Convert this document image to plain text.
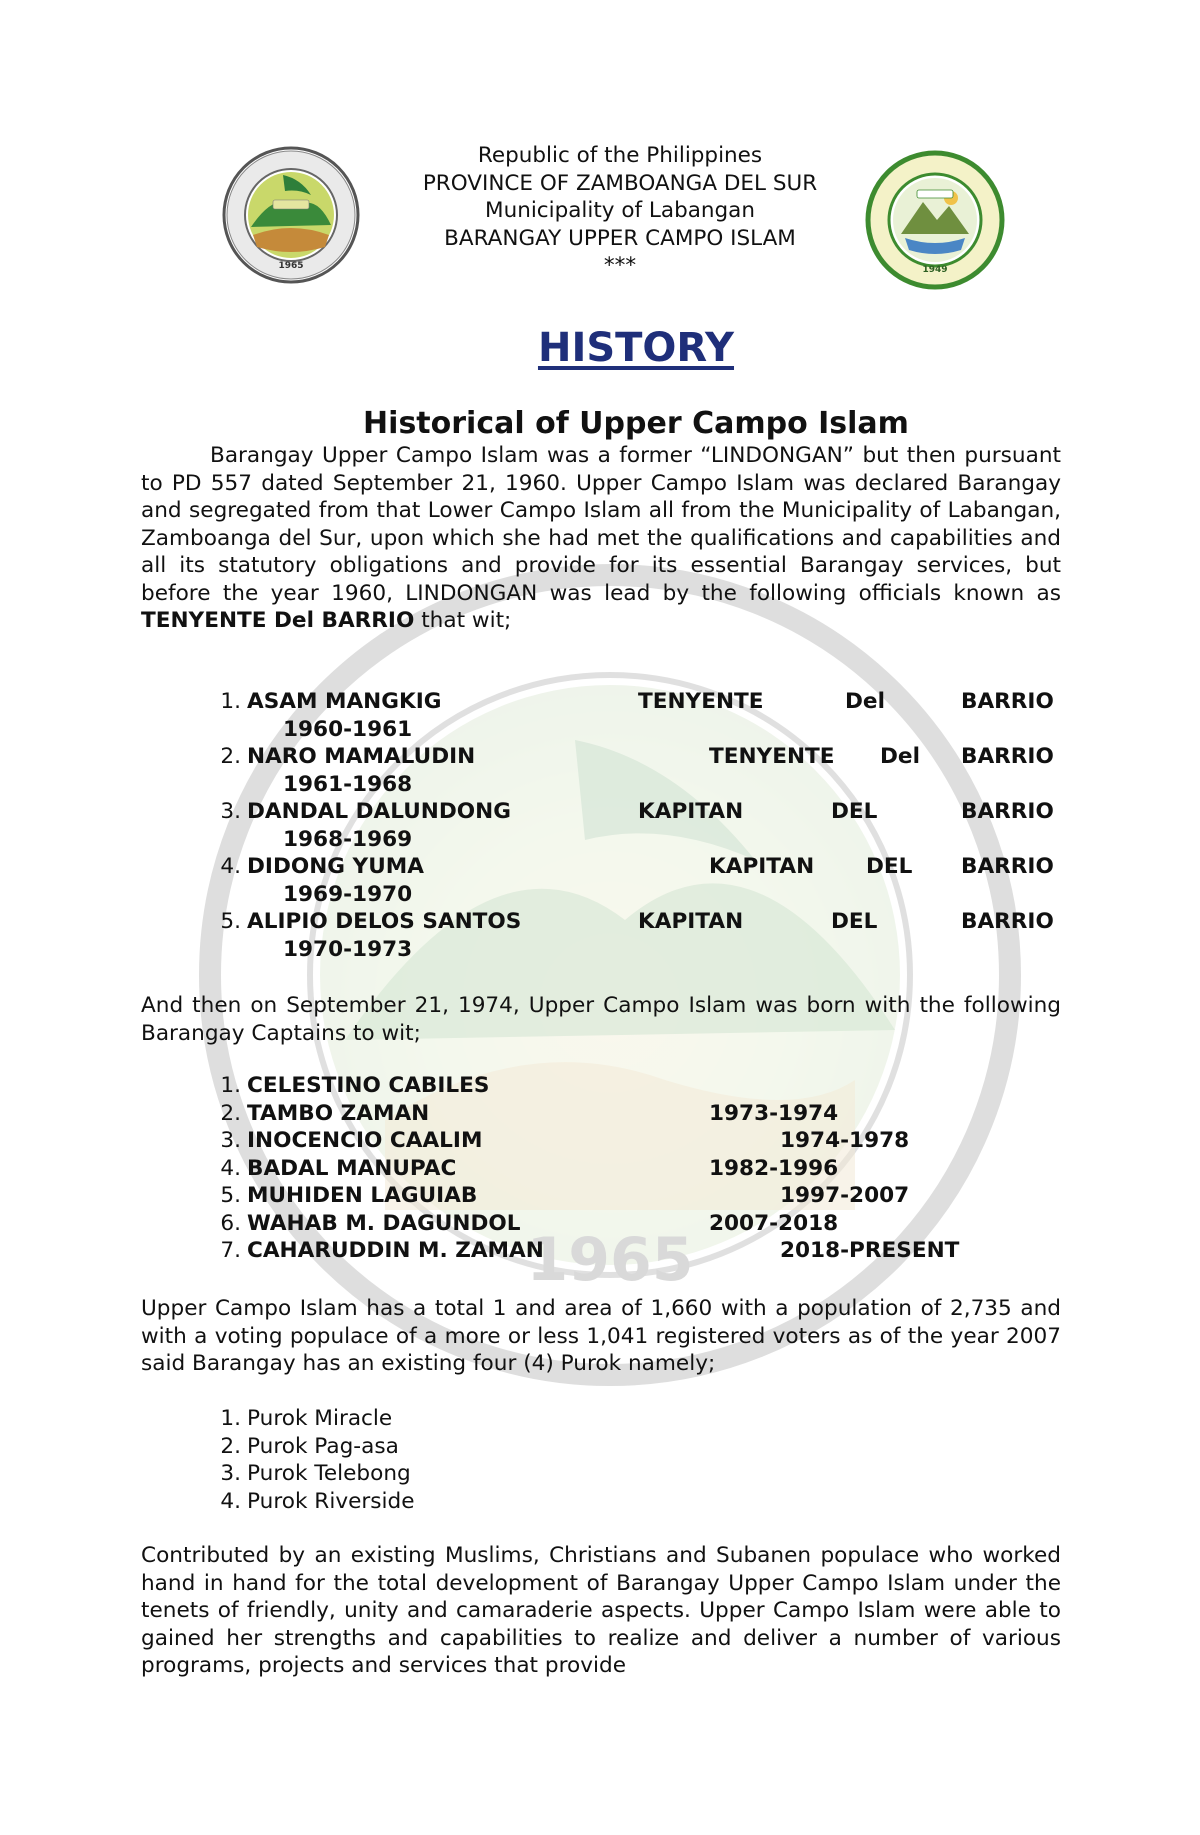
1965
1965	1949
Republic of the Philippines
PROVINCE OF ZAMBOANGA DEL SUR
Municipality of Labangan
BARANGAY UPPER CAMPO ISLAM
***
HISTORY
Historical of Upper Campo Islam

Barangay Upper Campo Islam was a former “LINDONGAN” but then pursuant to PD 557 dated September 21, 1960. Upper Campo Islam was declared Barangay and segregated from that Lower Campo Islam all from the Municipality of Labangan, Zamboanga del Sur, upon which she had met the qualifications and capabilities and all its statutory obligations and provide for its essential Barangay services, but before the year 1960, LINDONGAN was lead by the following officials known as TENYENTE Del BARRIO that wit;

1. ASAM MANGKIG	TENYENTE	Del	BARRIO
1960-1961
2. NARO MAMALUDIN	TENYENTE Del BARRIO
1961-1968
3. DANDAL DALUNDONG	KAPITAN	DEL	BARRIO
1968-1969
4. DIDONG YUMA	KAPITAN DEL BARRIO
1969-1970
5. ALIPIO DELOS SANTOS	KAPITAN	DEL	BARRIO
1970-1973

And then on September 21, 1974, Upper Campo Islam was born with the following Barangay Captains to wit;

1. CELESTINO CABILES
2. TAMBO ZAMAN	1973-1974
3. INOCENCIO CAALIM	1974-1978
4. BADAL MANUPAC	1982-1996
5. MUHIDEN LAGUIAB	1997-2007
6. WAHAB M. DAGUNDOL	2007-2018
7. CAHARUDDIN M. ZAMAN	2018-PRESENT

Upper Campo Islam has a total 1 and area of 1,660 with a population of 2,735 and with a voting populace of a more or less 1,041 registered voters as of the year 2007 said Barangay has an existing four (4) Purok namely;

1. Purok Miracle
2. Purok Pag-asa
3. Purok Telebong
4. Purok Riverside

Contributed by an existing Muslims, Christians and Subanen populace who worked hand in hand for the total development of Barangay Upper Campo Islam under the tenets of friendly, unity and camaraderie aspects. Upper Campo Islam were able to gained her strengths and capabilities to realize and deliver a number of various programs, projects and services that provide
